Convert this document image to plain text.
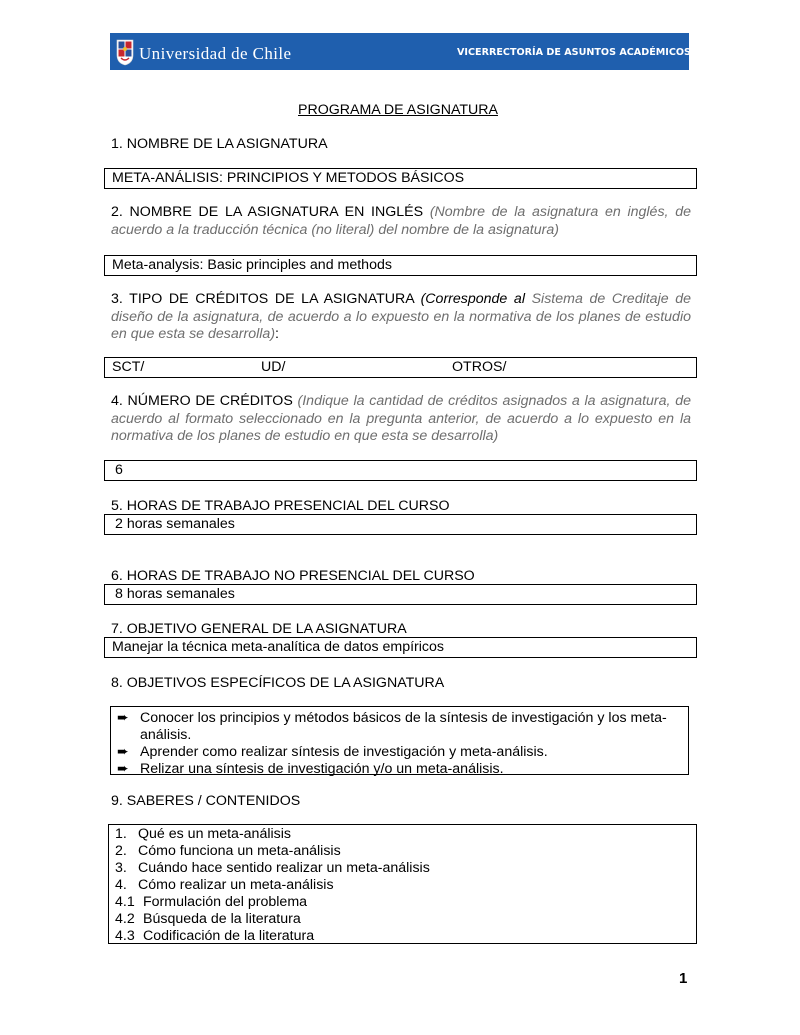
Universidad de Chile	VICERRECTORÍA DE ASUNTOS ACADÉMICOS
PROGRAMA DE ASIGNATURA
1. NOMBRE DE LA ASIGNATURA
META-ANÁLISIS: PRINCIPIOS Y METODOS BÁSICOS
2. NOMBRE DE LA ASIGNATURA EN INGLÉS (Nombre de la asignatura en inglés, de acuerdo a la traducción técnica (no literal) del nombre de la asignatura)
Meta-analysis: Basic principles and methods
3. TIPO DE CRÉDITOS DE LA ASIGNATURA (Corresponde al Sistema de Creditaje de diseño de la asignatura, de acuerdo a lo expuesto en la normativa de los planes de estudio en que esta se desarrolla):
SCT/	UD/	OTROS/
4. NÚMERO DE CRÉDITOS (Indique la cantidad de créditos asignados a la asignatura, de acuerdo al formato seleccionado en la pregunta anterior, de acuerdo a lo expuesto en la normativa de los planes de estudio en que esta se desarrolla)
6
5. HORAS DE TRABAJO PRESENCIAL DEL CURSO
2 horas semanales
6. HORAS DE TRABAJO NO PRESENCIAL DEL CURSO
8 horas semanales
7. OBJETIVO GENERAL DE LA ASIGNATURA
Manejar la técnica meta-analítica de datos empíricos
8. OBJETIVOS ESPECÍFICOS DE LA ASIGNATURA
➨ Conocer los principios y métodos básicos de la síntesis de investigación y los meta-análisis.
➨ Aprender como realizar síntesis de investigación y meta-análisis.
➨ Relizar una síntesis de investigación y/o un meta-análisis.
9. SABERES / CONTENIDOS
1. Qué es un meta-análisis
2. Cómo funciona un meta-análisis
3. Cuándo hace sentido realizar un meta-análisis
4. Cómo realizar un meta-análisis
4.1 Formulación del problema
4.2 Búsqueda de la literatura
4.3 Codificación de la literatura
1
